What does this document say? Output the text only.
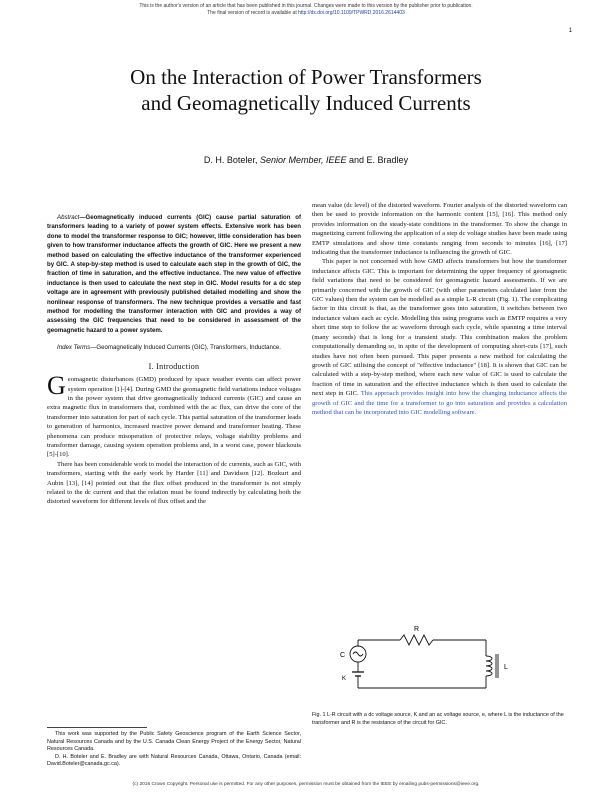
This is the author's version of an article that has been published in this journal. Changes were made to this version by the publisher prior to publication.
The final version of record is available at http://dx.doi.org/10.1109/TPWRD.2016.2614403
1
On the Interaction of Power Transformers
and Geomagnetically Induced Currents
D. H. Boteler, Senior Member, IEEE and E. Bradley

Abstract—Geomagnetically induced currents (GIC) cause partial saturation of transformers leading to a variety of power system effects. Extensive work has been done to model the transformer response to GIC; however, little consideration has been given to how transformer inductance affects the growth of GIC. Here we present a new method based on calculating the effective inductance of the transformer experienced by GIC. A step-by-step method is used to calculate each step in the growth of GIC, the fraction of time in saturation, and the effective inductance. The new value of effective inductance is then used to calculate the next step in GIC. Model results for a dc step voltage are in agreement with previously published detailed modelling and show the nonlinear response of transformers. The new technique provides a versatile and fast method for modelling the transformer interaction with GIC and provides a way of assessing the GIC frequencies that need to be considered in assessment of the geomagnetic hazard to a power system.

Index Terms—Geomagnetically Induced Currents (GIC), Transformers, Inductance.

I. Introduction

Geomagnetic disturbances (GMD) produced by space weather events can affect power system operation [1]-[4]. During GMD the geomagnetic field variations induce voltages in the power system that drive geomagnetically induced currents (GIC) and cause an extra magnetic flux in transformers that, combined with the ac flux, can drive the core of the transformer into saturation for part of each cycle. This partial saturation of the transformer leads to generation of harmonics, increased reactive power demand and transformer heating. These phenomena can produce misoperation of protective relays, voltage stability problems and transformer damage, causing system operation problems and, in a worst case, power blackouts [5]-[10].

There has been considerable work to model the interaction of dc currents, such as GIC, with transformers, starting with the early work by Harder [11] and Davidson [12]. Bozkurt and Aubin [13], [14] pointed out that the flux offset produced in the transformer is not simply related to the dc current and that the relation must be found indirectly by calculating both the distorted waveform for different levels of flux offset and the

This work was supported by the Public Safety Geoscience program of the Earth Science Sector, Natural Resources Canada and by the U.S. Canada Clean Energy Project of the Energy Sector, Natural Resources Canada.
D. H. Boteler and E. Bradley are with Natural Resources Canada, Ottawa, Ontario, Canada (email: David.Boteler@canada.gc.ca).

mean value (dc level) of the distorted waveform. Fourier analysis of the distorted waveform can then be used to provide information on the harmonic content [15], [16]. This method only provides information on the steady-state conditions in the transformer. To show the change in magnetizing current following the application of a step dc voltage studies have been made using EMTP simulations and show time constants ranging from seconds to minutes [16], [17] indicating that the transformer inductance is influencing the growth of GIC.

This paper is not concerned with how GMD affects transformers but how the transformer inductance affects GIC. This is important for determining the upper frequency of geomagnetic field variations that need to be considered for geomagnetic hazard assessments. If we are primarily concerned with the growth of GIC (with other parameters calculated later from the GIC values) then the system can be modelled as a simple L-R circuit (Fig. 1). The complicating factor in this circuit is that, as the transformer goes into saturation, it switches between two inductance values each ac cycle. Modelling this using programs such as EMTP requires a very short time step to follow the ac waveform through each cycle, while spanning a time interval (many seconds) that is long for a transient study. This combination makes the problem computationally demanding so, in spite of the development of computing short-cuts [17], such studies have not often been pursued. This paper presents a new method for calculating the growth of GIC utilising the concept of "effective inductance" [18]. It is shown that GIC can be calculated with a step-by-step method, where each new value of GIC is used to calculate the fraction of time in saturation and the effective inductance which is then used to calculate the next step in GIC. This approach provides insight into how the changing inductance affects the growth of GIC and the time for a transformer to go into saturation and provides a calculation method that can be incorporated into GIC modelling software.

R
C
K
L
Fig. 1 L-R circuit with a dc voltage source, K and an ac voltage source, e, where L is the inductance of the transformer and R is the resistance of the circuit for GIC.
(c) 2016 Crown Copyright. Personal use is permitted. For any other purposes, permission must be obtained from the IEEE by emailing pubs-permissions@ieee.org.
